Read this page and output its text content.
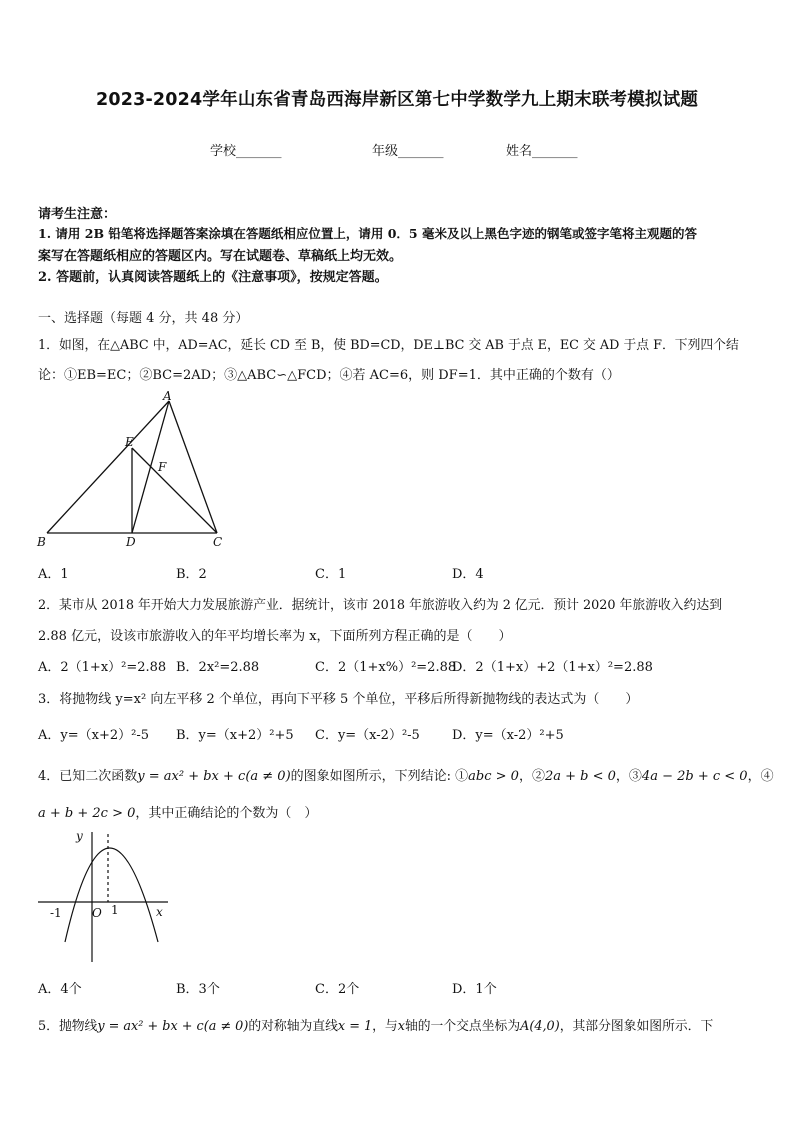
2023-2024学年山东省青岛西海岸新区第七中学数学九上期末联考模拟试题
学校_______	年级_______	姓名_______
请考生注意：
1. 请用 2B 铅笔将选择题答案涂填在答题纸相应位置上，请用 0．5 毫米及以上黑色字迹的钢笔或签字笔将主观题的答
案写在答题纸相应的答题区内。写在试题卷、草稿纸上均无效。
2. 答题前，认真阅读答题纸上的《注意事项》，按规定答题。
一、选择题（每题 4 分，共 48 分）
1．如图，在△ABC 中，AD=AC，延长 CD 至 B，使 BD=CD，DE⊥BC 交 AB 于点 E，EC 交 AD 于点 F．下列四个结
论：①EB=EC；②BC=2AD；③△ABC∽△FCD；④若 AC=6，则 DF=1．其中正确的个数有（）
A
E
F
B	D	C
A．1	B．2	C．1	D．4
2．某市从 2018 年开始大力发展旅游产业．据统计，该市 2018 年旅游收入约为 2 亿元．预计 2020 年旅游收入约达到
2.88 亿元，设该市旅游收入的年平均增长率为 x，下面所列方程正确的是（　　）
A．2（1+x）²=2.88 B．2x²=2.88	C．2（1+x%）²=2.88
D．2（1+x）+2（1+x）²=2.88
3．将抛物线 y=x² 向左平移 2 个单位，再向下平移 5 个单位，平移后所得新抛物线的表达式为（　　）
A．y=（x+2）²-5 B．y=（x+2）²+5 C．y=（x-2）²-5 D．y=（x-2）²+5
4．已知二次函数y = ax² + bx + c(a ≠ 0)的图象如图所示，下列结论: ①abc > 0，②2a + b < 0，③4a − 2b + c < 0，④
a + b + 2c > 0，其中正确结论的个数为（　）
y
x
O
-1	1
A．4个	B．3个	C．2个	D．1个
5．抛物线y = ax² + bx + c(a ≠ 0)的对称轴为直线x = 1，与x轴的一个交点坐标为A(4,0)，其部分图象如图所示．下
